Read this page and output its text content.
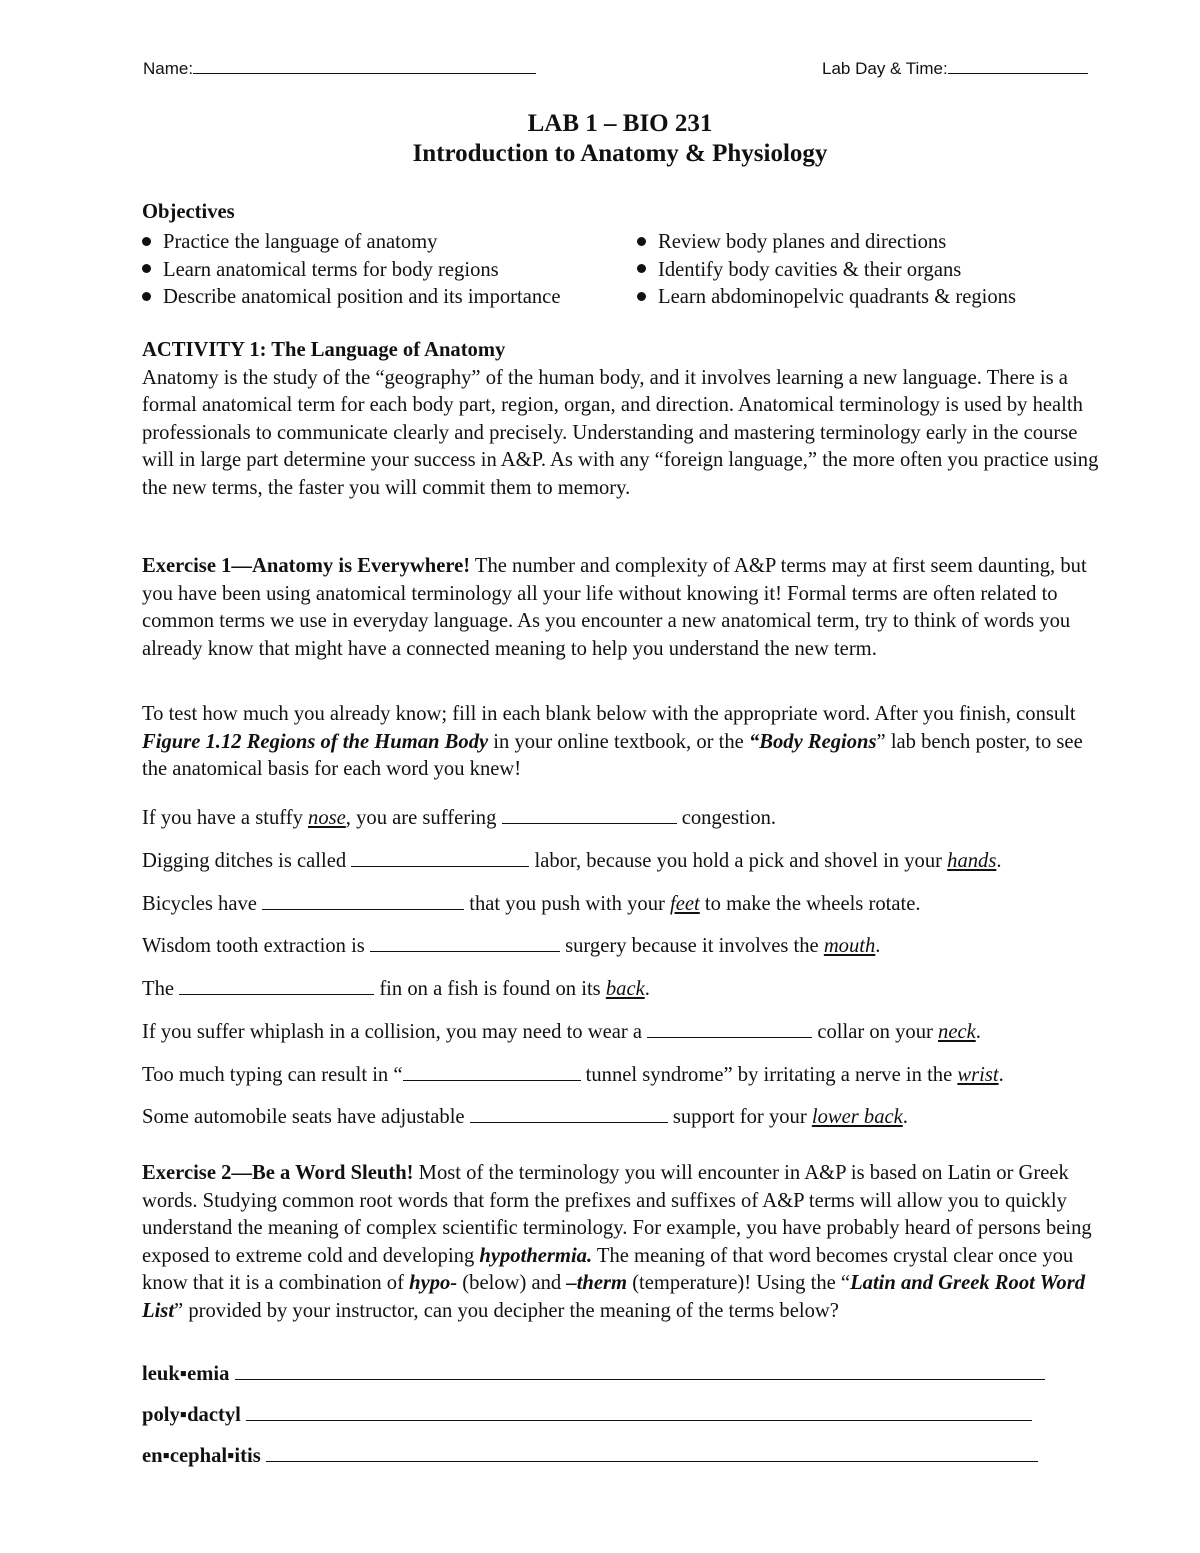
Name:	Lab Day & Time:
LAB 1 – BIO 231
Introduction to Anatomy & Physiology
Objectives
Practice the language of anatomy
Learn anatomical terms for body regions
Describe anatomical position and its importance
Review body planes and directions
Identify body cavities & their organs
Learn abdominopelvic quadrants & regions
ACTIVITY 1: The Language of Anatomy

Anatomy is the study of the “geography” of the human body, and it involves learning a new language. There is a formal anatomical term for each body part, region, organ, and direction. Anatomical terminology is used by health professionals to communicate clearly and precisely. Understanding and mastering terminology early in the course will in large part determine your success in A&P. As with any “foreign language,” the more often you practice using the new terms, the faster you will commit them to memory.

Exercise 1—Anatomy is Everywhere! The number and complexity of A&P terms may at first seem daunting, but you have been using anatomical terminology all your life without knowing it! Formal terms are often related to common terms we use in everyday language. As you encounter a new anatomical term, try to think of words you already know that might have a connected meaning to help you understand the new term.

To test how much you already know; fill in each blank below with the appropriate word. After you finish, consult Figure 1.12 Regions of the Human Body in your online textbook, or the “Body Regions” lab bench poster, to see the anatomical basis for each word you knew!

If you have a stuffy nose, you are suffering	congestion.
Digging ditches is called	labor, because you hold a pick and shovel in your hands.
Bicycles have	that you push with your feet to make the wheels rotate.
Wisdom tooth extraction is	surgery because it involves the mouth.
The	fin on a fish is found on its back.
If you suffer whiplash in a collision, you may need to wear a	collar on your neck.
Too much typing can result in “	tunnel syndrome” by irritating a nerve in the wrist.
Some automobile seats have adjustable	support for your lower back.

Exercise 2—Be a Word Sleuth! Most of the terminology you will encounter in A&P is based on Latin or Greek words. Studying common root words that form the prefixes and suffixes of A&P terms will allow you to quickly understand the meaning of complex scientific terminology. For example, you have probably heard of persons being exposed to extreme cold and developing hypothermia. The meaning of that word becomes crystal clear once you know that it is a combination of hypo- (below) and –therm (temperature)! Using the “Latin and Greek Root Word List” provided by your instructor, can you decipher the meaning of the terms below?

leuk▪emia
poly▪dactyl
en▪cephal▪itis
